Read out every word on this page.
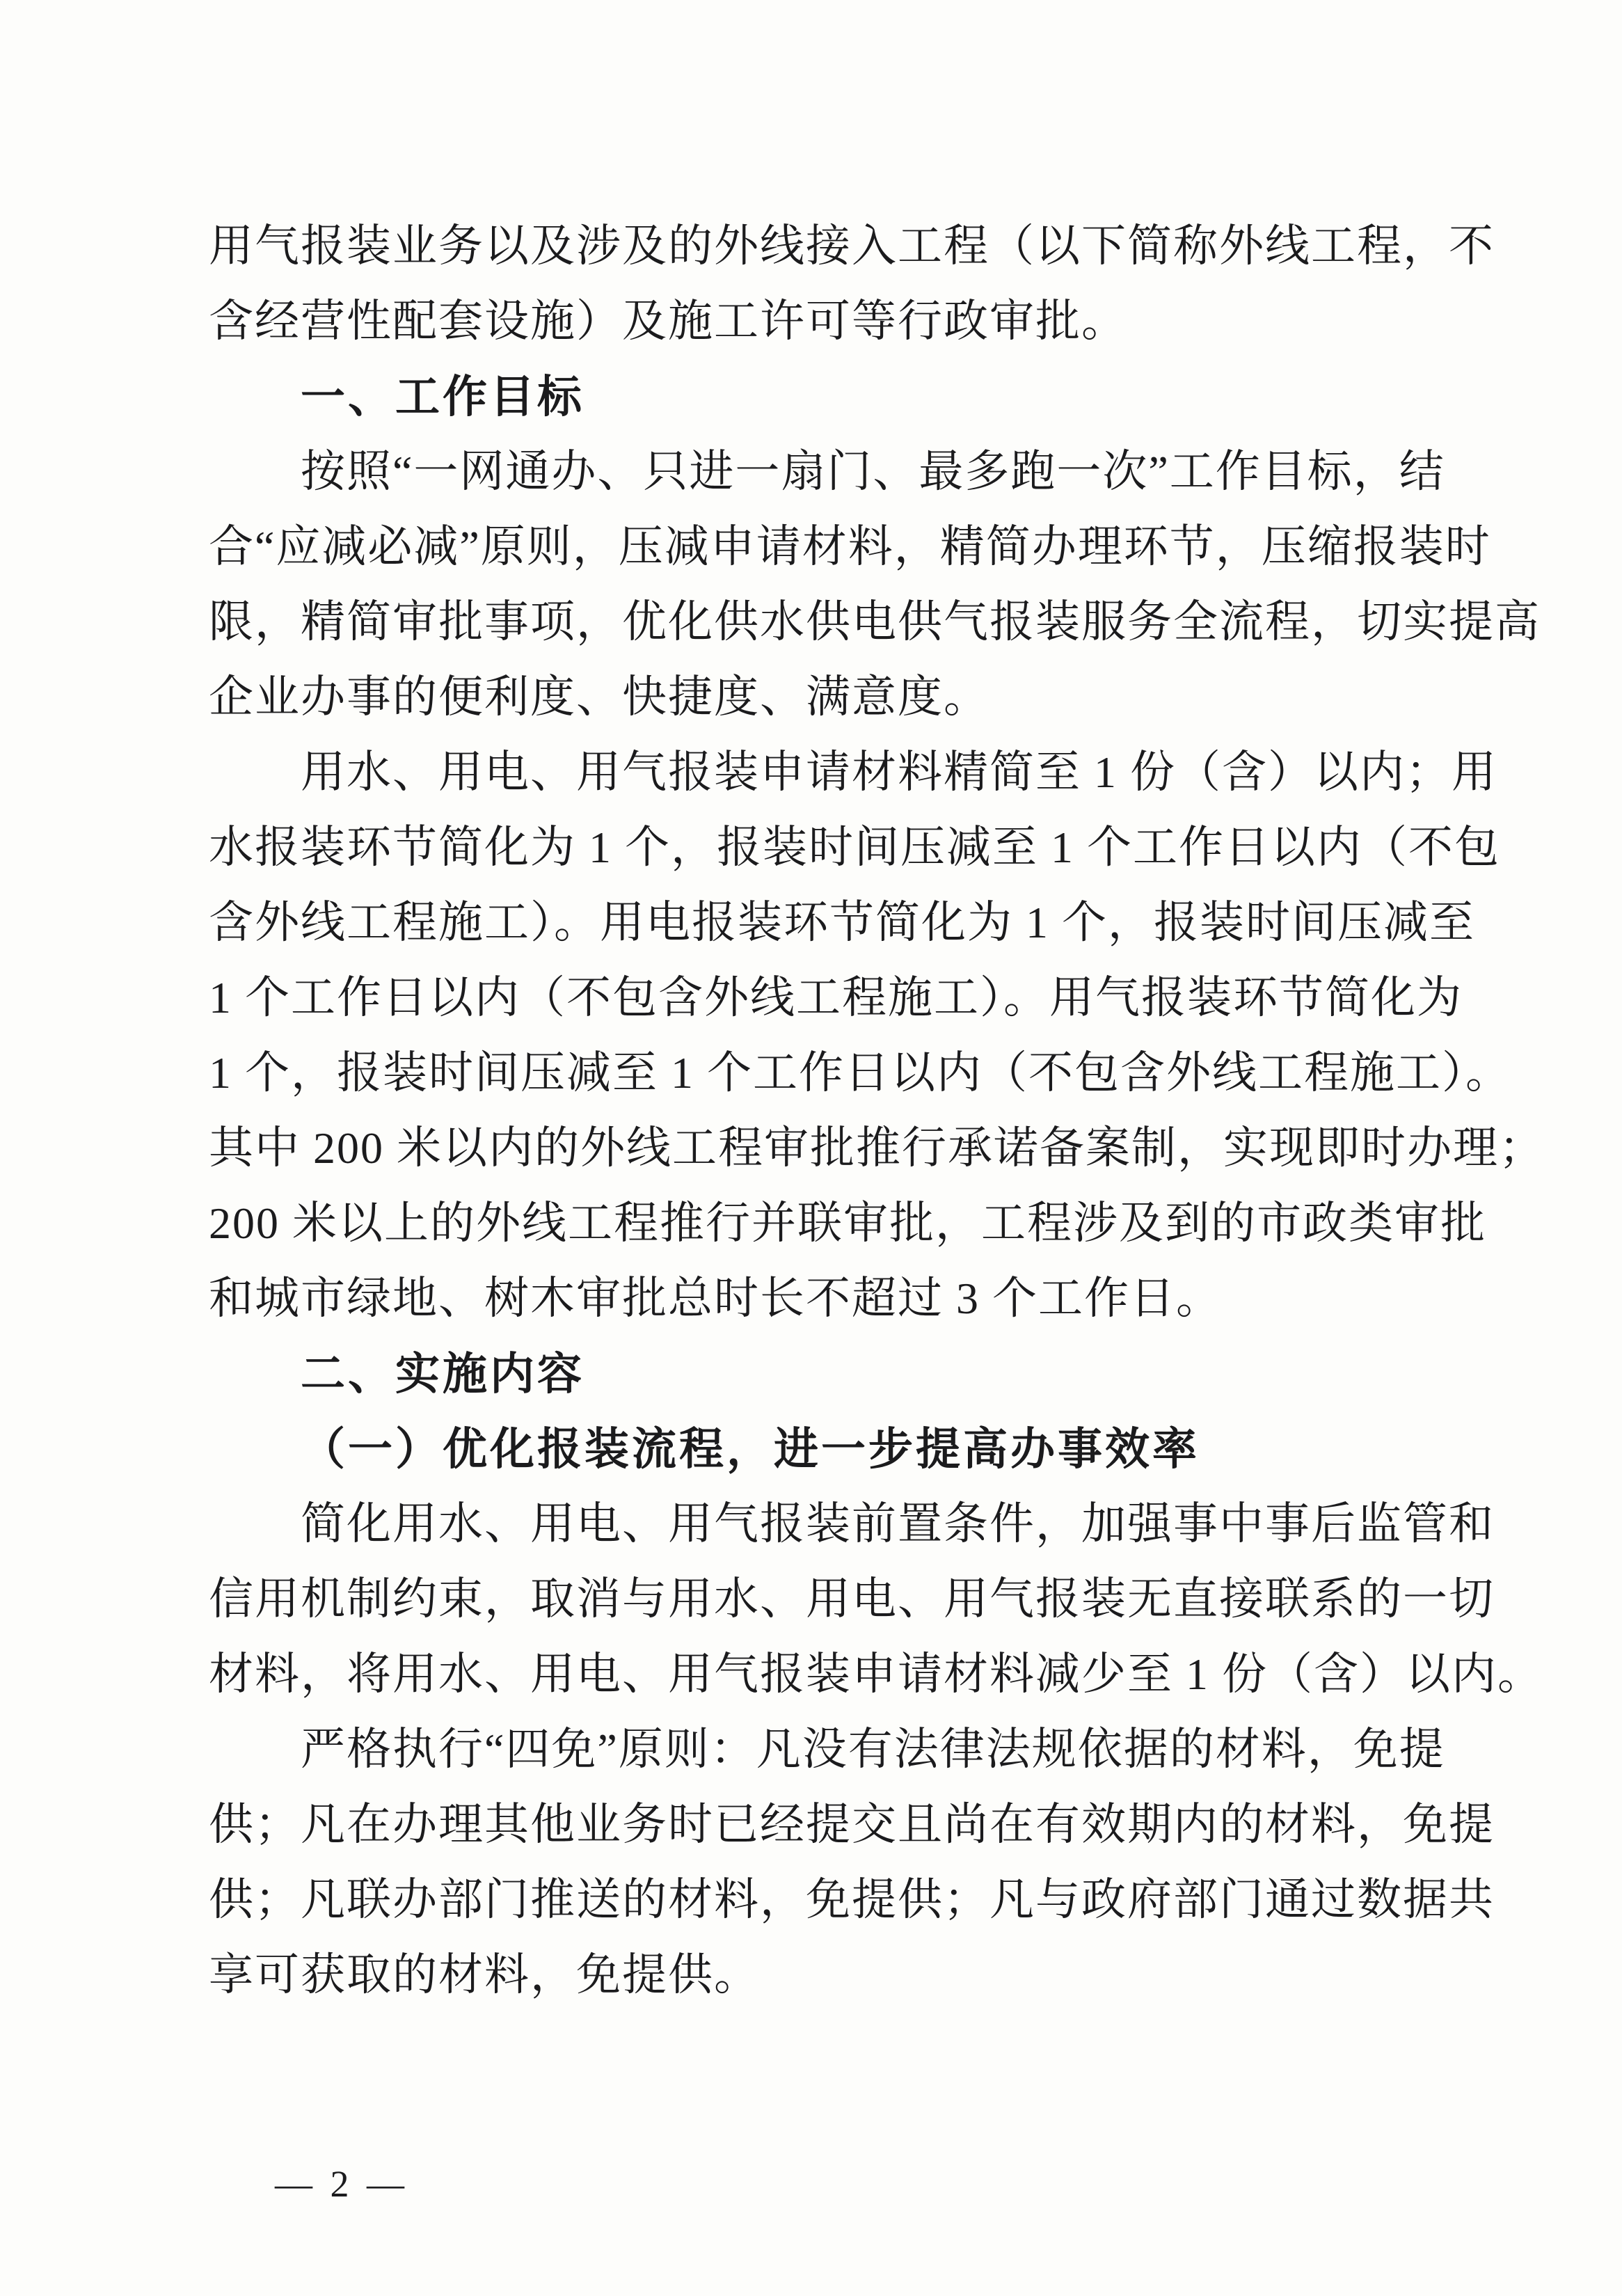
用气报装业务以及涉及的外线接入工程（以下简称外线工程，不
含经营性配套设施）及施工许可等行政审批。
一、工作目标
按照“一网通办、只进一扇门、最多跑一次”工作目标，结
合“应减必减”原则，压减申请材料，精简办理环节，压缩报装时
限，精简审批事项，优化供水供电供气报装服务全流程，切实提高
企业办事的便利度、快捷度、满意度。
用水、用电、用气报装申请材料精简至 1 份（含）以内；用
水报装环节简化为 1 个，报装时间压减至 1 个工作日以内（不包
含外线工程施工）。用电报装环节简化为 1 个，报装时间压减至
1 个工作日以内（不包含外线工程施工）。用气报装环节简化为
1 个，报装时间压减至 1 个工作日以内（不包含外线工程施工）。
其中 200 米以内的外线工程审批推行承诺备案制，实现即时办理；
200 米以上的外线工程推行并联审批，工程涉及到的市政类审批
和城市绿地、树木审批总时长不超过 3 个工作日。
二、实施内容
（一）优化报装流程，进一步提高办事效率
简化用水、用电、用气报装前置条件，加强事中事后监管和
信用机制约束，取消与用水、用电、用气报装无直接联系的一切
材料，将用水、用电、用气报装申请材料减少至 1 份（含）以内。
严格执行“四免”原则：凡没有法律法规依据的材料，免提
供；凡在办理其他业务时已经提交且尚在有效期内的材料，免提
供；凡联办部门推送的材料，免提供；凡与政府部门通过数据共
享可获取的材料，免提供。
— 2 —
